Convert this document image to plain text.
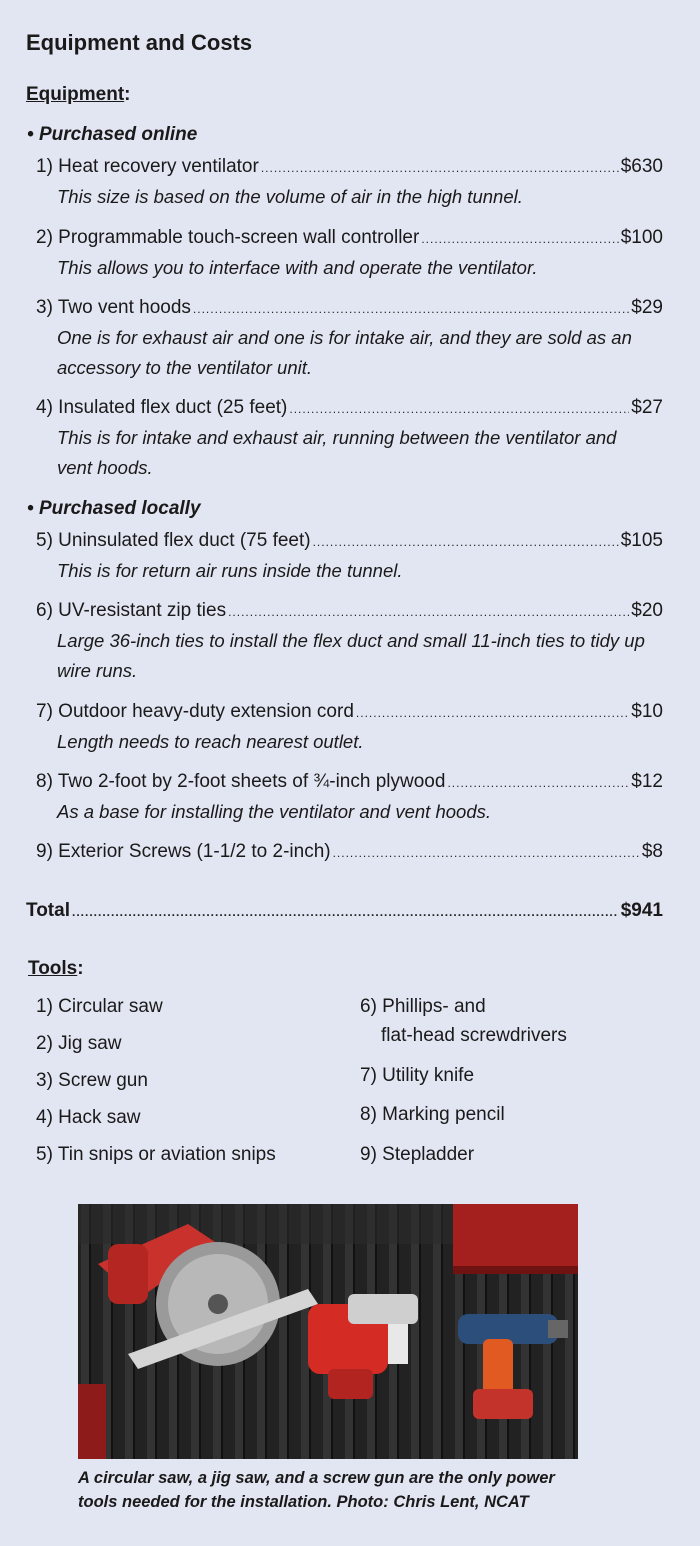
Equipment and Costs
Equipment:
• Purchased online
1) Heat recovery ventilator .....	$630
This size is based on the volume of air in the high tunnel.
2) Programmable touch-screen wall controller .....	$100
This allows you to interface with and operate the ventilator.
3) Two vent hoods .....	$29
One is for exhaust air and one is for intake air, and they are sold as an accessory to the ventilator unit.
4) Insulated flex duct (25 feet) .....	$27
This is for intake and exhaust air, running between the ventilator and vent hoods.
• Purchased locally
5) Uninsulated flex duct (75 feet) .....	$105
This is for return air runs inside the tunnel.
6) UV-resistant zip ties .....	$20
Large 36-inch ties to install the flex duct and small 11-inch ties to tidy up wire runs.
7) Outdoor heavy-duty extension cord .....	$10
Length needs to reach nearest outlet.
8) Two 2-foot by 2-foot sheets of ¾-inch plywood .....	$12
As a base for installing the ventilator and vent hoods.
9) Exterior Screws (1-1/2 to 2-inch) .....	$8
Total .....	$941
Tools:
1) Circular saw
2) Jig saw
3) Screw gun
4) Hack saw
5) Tin snips or aviation snips
6) Phillips- and
flat-head screwdrivers
7) Utility knife
8) Marking pencil
9) Stepladder
A circular saw, a jig saw, and a screw gun are the only power tools needed for the installation. Photo: Chris Lent, NCAT
